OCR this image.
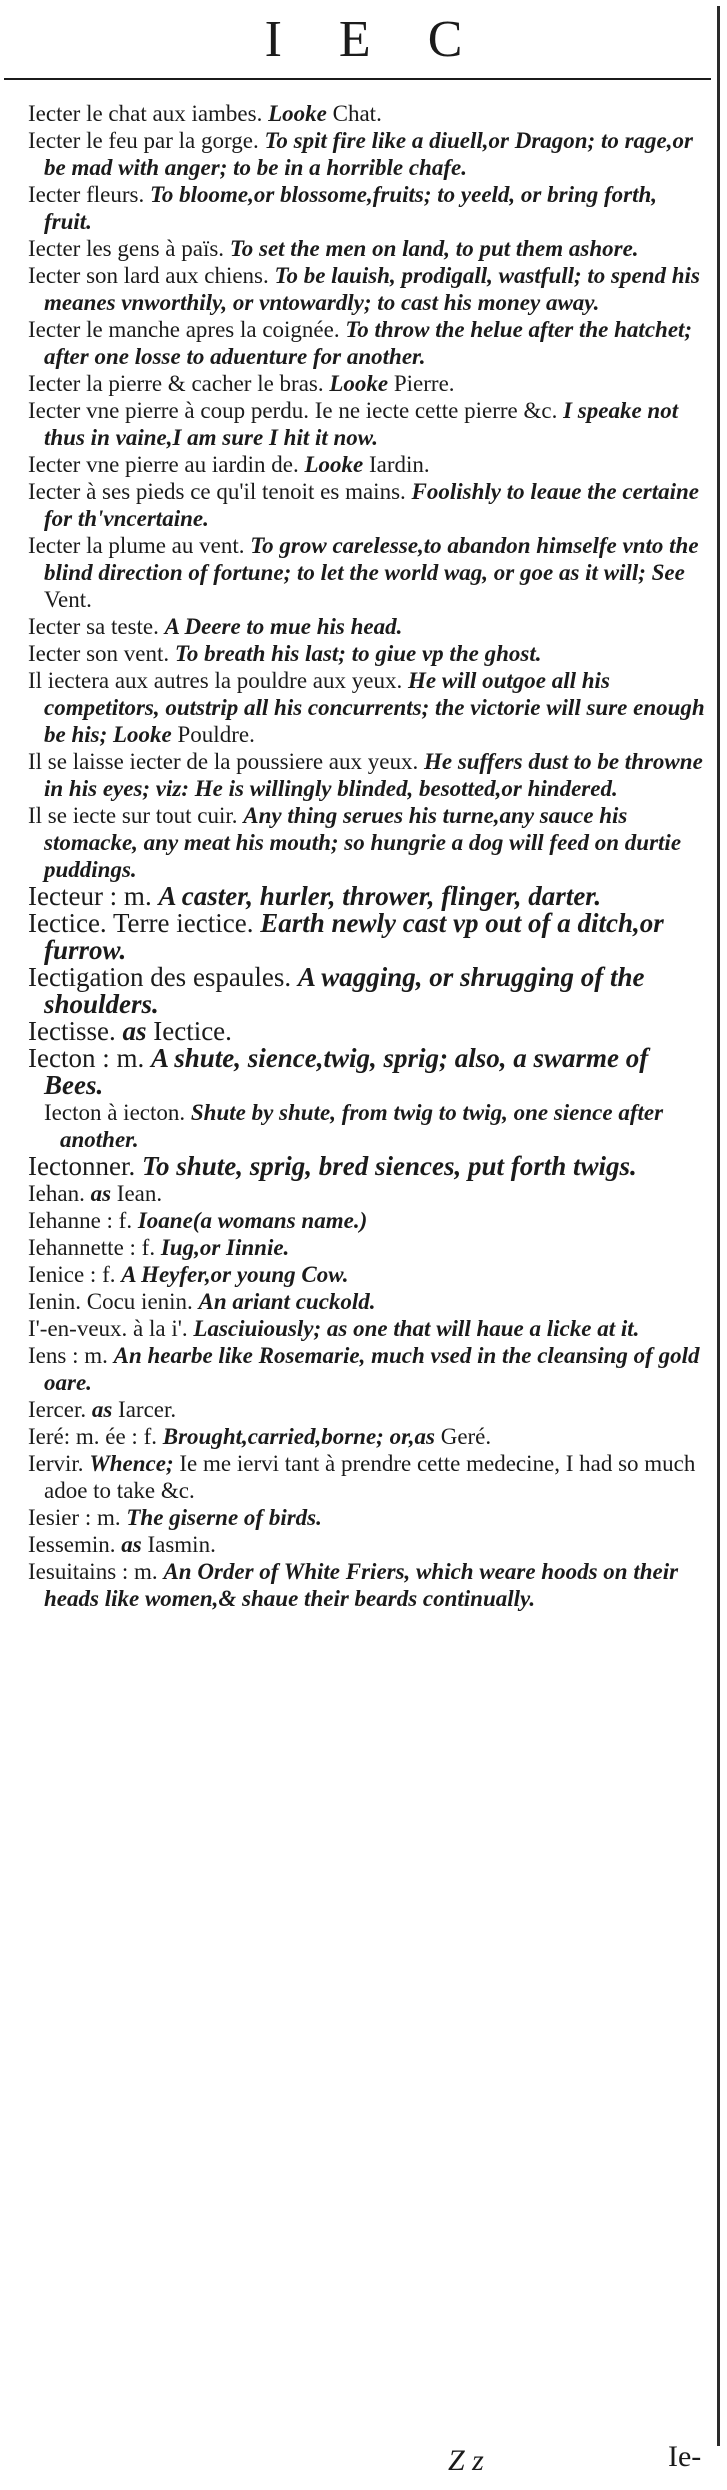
I E C

Iecter le chat aux iambes. Looke Chat.

Iecter le feu par la gorge. To spit fire like a diuell,or Dragon; to rage,or be mad with anger; to be in a horrible chafe.

Iecter fleurs. To bloome,or blossome,fruits; to yeeld, or bring forth, fruit.

Iecter les gens à païs. To set the men on land, to put them ashore.

Iecter son lard aux chiens. To be lauish, prodigall, wastfull; to spend his meanes vnworthily, or vntowardly; to cast his money away.

Iecter le manche apres la coignée. To throw the helue after the hatchet; after one losse to aduenture for another.

Iecter la pierre & cacher le bras. Looke Pierre.

Iecter vne pierre à coup perdu. Ie ne iecte cette pierre &c. I speake not thus in vaine,I am sure I hit it now.

Iecter vne pierre au iardin de. Looke Iardin.

Iecter à ses pieds ce qu'il tenoit es mains. Foolishly to leaue the certaine for th'vncertaine.

Iecter la plume au vent. To grow carelesse,to abandon himselfe vnto the blind direction of fortune; to let the world wag, or goe as it will; See Vent.

Iecter sa teste. A Deere to mue his head.

Iecter son vent. To breath his last; to giue vp the ghost.

Il iectera aux autres la pouldre aux yeux. He will outgoe all his competitors, outstrip all his concurrents; the victorie will sure enough be his; Looke Pouldre.

Il se laisse iecter de la poussiere aux yeux. He suffers dust to be throwne in his eyes; viz: He is willingly blinded, besotted,or hindered.

Il se iecte sur tout cuir. Any thing serues his turne,any sauce his stomacke, any meat his mouth; so hungrie a dog will feed on durtie puddings.

Iecteur : m. A caster, hurler, thrower, flinger, darter.

Iectice. Terre iectice. Earth newly cast vp out of a ditch,or furrow.

Iectigation des espaules. A wagging, or shrugging of the shoulders.

Iectisse. as Iectice.

Iecton : m. A shute, sience,twig, sprig; also, a swarme of Bees.

Iecton à iecton. Shute by shute, from twig to twig, one sience after another.

Iectonner. To shute, sprig, bred siences, put forth twigs.

Iehan. as Iean.

Iehanne : f. Ioane(a womans name.)

Iehannette : f. Iug,or Iinnie.

Ienice : f. A Heyfer,or young Cow.

Ienin. Cocu ienin. An ariant cuckold.

I'-en-veux. à la i'. Lasciuiously; as one that will haue a licke at it.

Iens : m. An hearbe like Rosemarie, much vsed in the cleansing of gold oare.

Iercer. as Iarcer.

Ieré: m. ée : f. Brought,carried,borne; or,as Geré.

Iervir. Whence; Ie me iervi tant à prendre cette medecine, I had so much adoe to take &c.

Iesier : m. The giserne of birds.

Iessemin. as Iasmin.

Iesuitains : m. An Order of White Friers, which weare hoods on their heads like women,& shaue their beards continually.

Z z	Ie-
